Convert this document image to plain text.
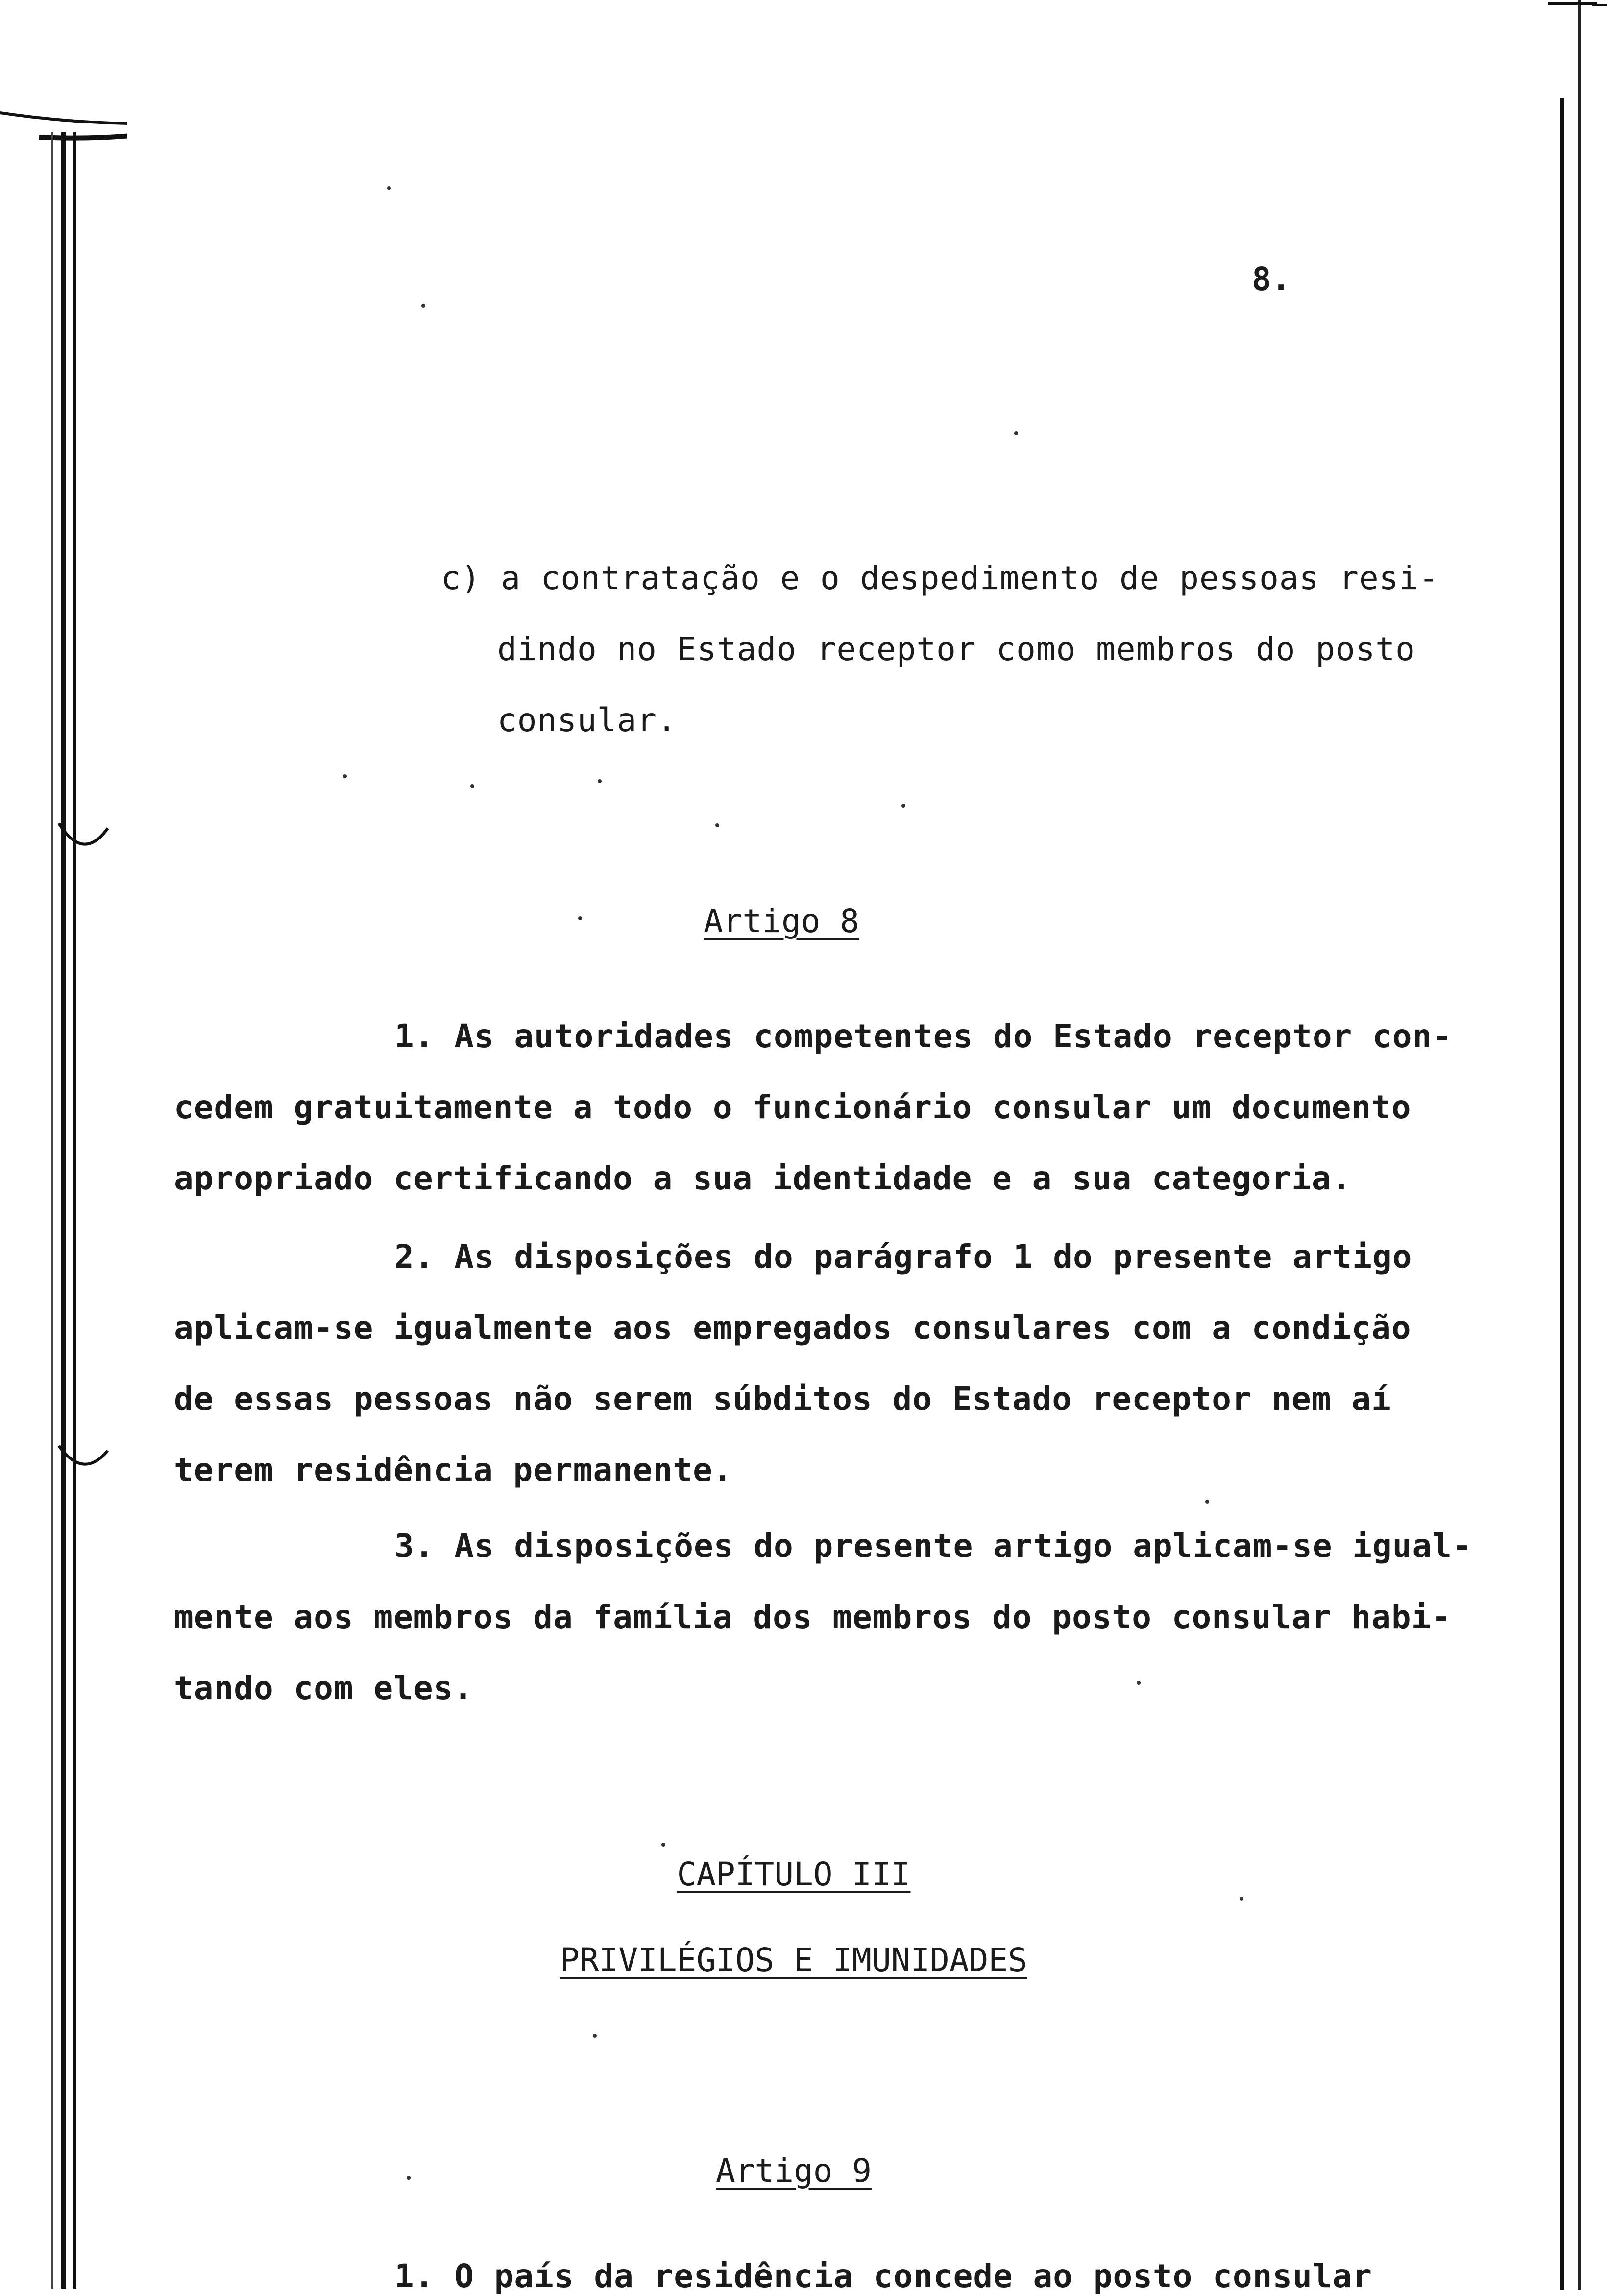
8.
c) a contratação e o despedimento de pessoas resi-
dindo no Estado receptor como membros do posto
consular.
Artigo 8
1. As autoridades competentes do Estado receptor con-
cedem gratuitamente a todo o funcionário consular um documento
apropriado certificando a sua identidade e a sua categoria.
2. As disposições do parágrafo 1 do presente artigo
aplicam-se igualmente aos empregados consulares com a condição
de essas pessoas não serem súbditos do Estado receptor nem aí
terem residência permanente.
3. As disposições do presente artigo aplicam-se igual-
mente aos membros da família dos membros do posto consular habi-
tando com eles.
CAPÍTULO III
PRIVILÉGIOS E IMUNIDADES
Artigo 9
1. O país da residência concede ao posto consular
